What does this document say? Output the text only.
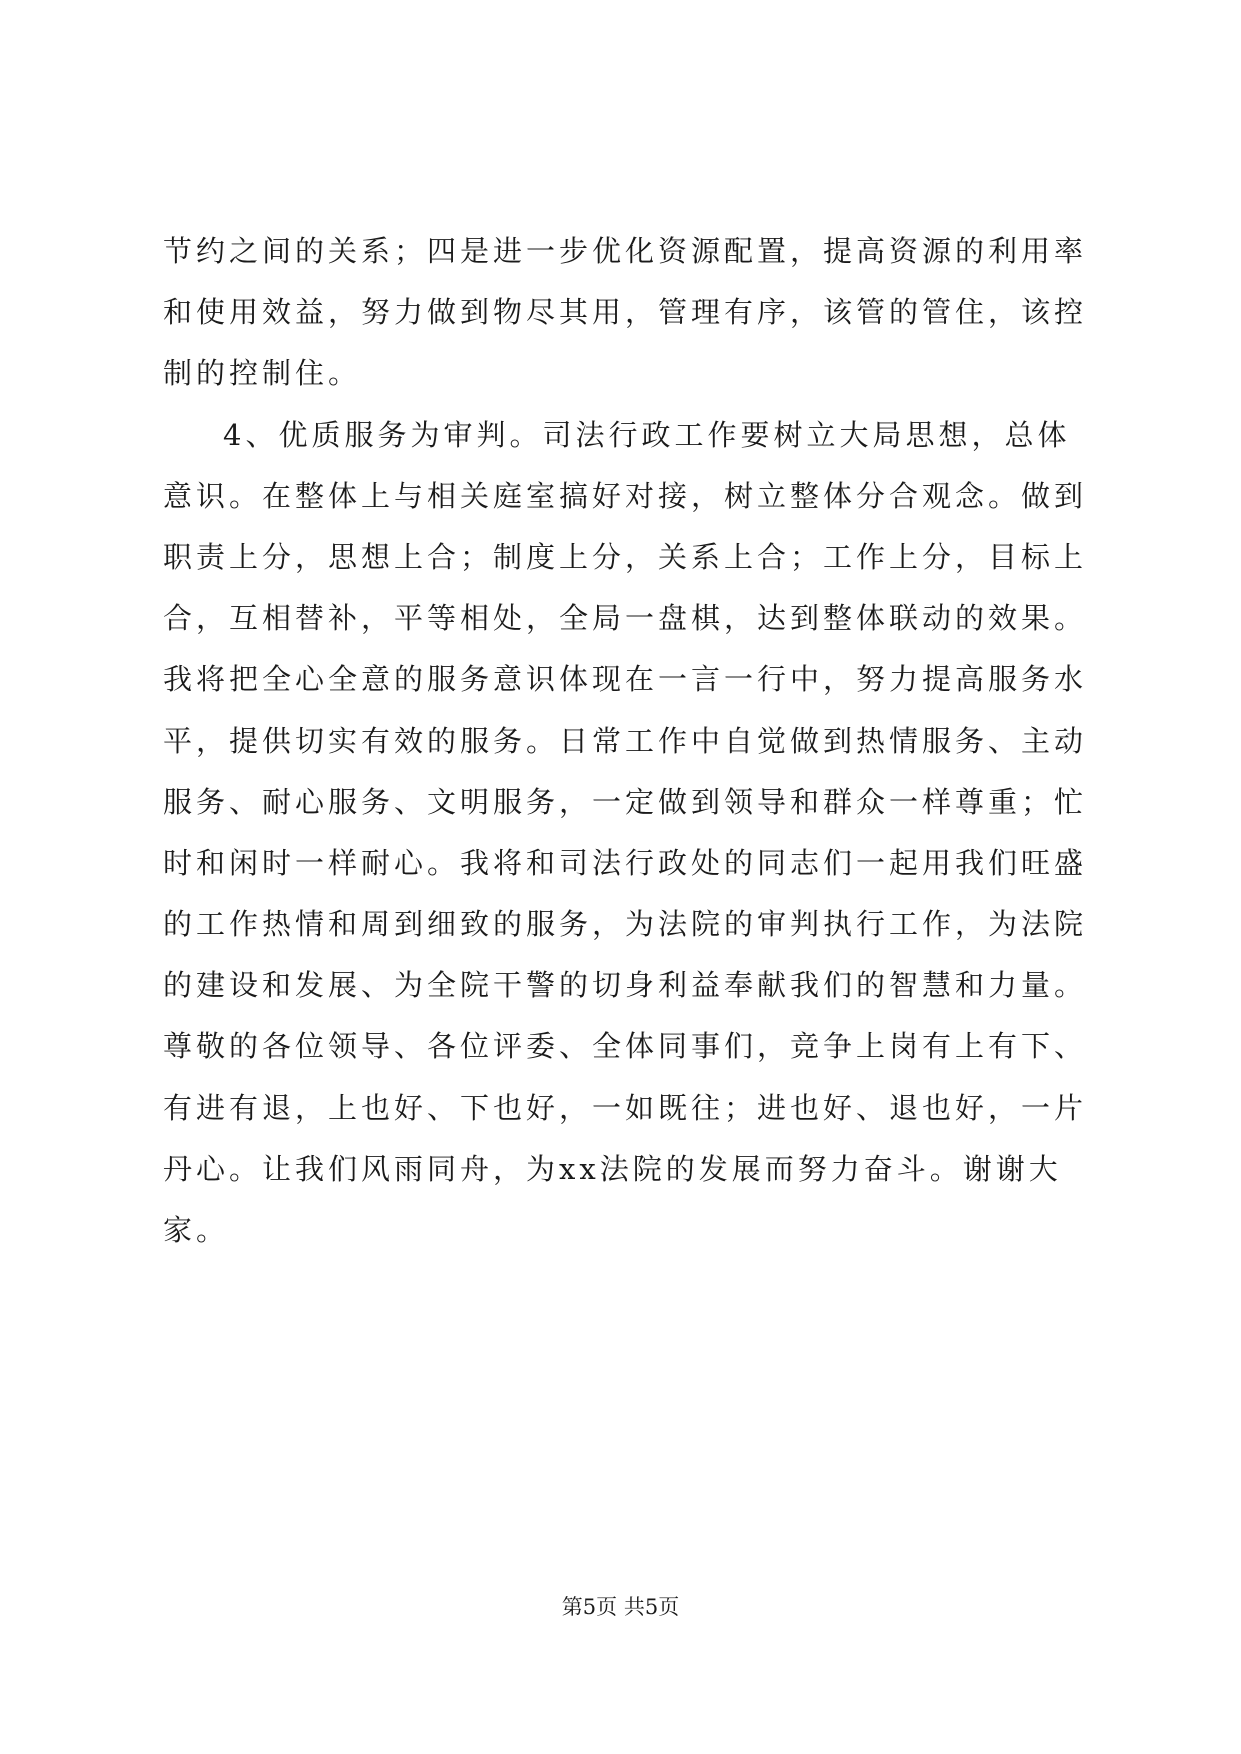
节约之间的关系；四是进一步优化资源配置，提高资源的利用率
和使用效益，努力做到物尽其用，管理有序，该管的管住，该控
制的控制住。
4、优质服务为审判。司法行政工作要树立大局思想，总体
意识。在整体上与相关庭室搞好对接，树立整体分合观念。做到
职责上分，思想上合；制度上分，关系上合；工作上分，目标上
合，互相替补，平等相处，全局一盘棋，达到整体联动的效果。
我将把全心全意的服务意识体现在一言一行中，努力提高服务水
平，提供切实有效的服务。日常工作中自觉做到热情服务、主动
服务、耐心服务、文明服务，一定做到领导和群众一样尊重；忙
时和闲时一样耐心。我将和司法行政处的同志们一起用我们旺盛
的工作热情和周到细致的服务，为法院的审判执行工作，为法院
的建设和发展、为全院干警的切身利益奉献我们的智慧和力量。
尊敬的各位领导、各位评委、全体同事们，竞争上岗有上有下、
有进有退，上也好、下也好，一如既往；进也好、退也好，一片
丹心。让我们风雨同舟，为xx法院的发展而努力奋斗。谢谢大
家。
第5页 共5页
